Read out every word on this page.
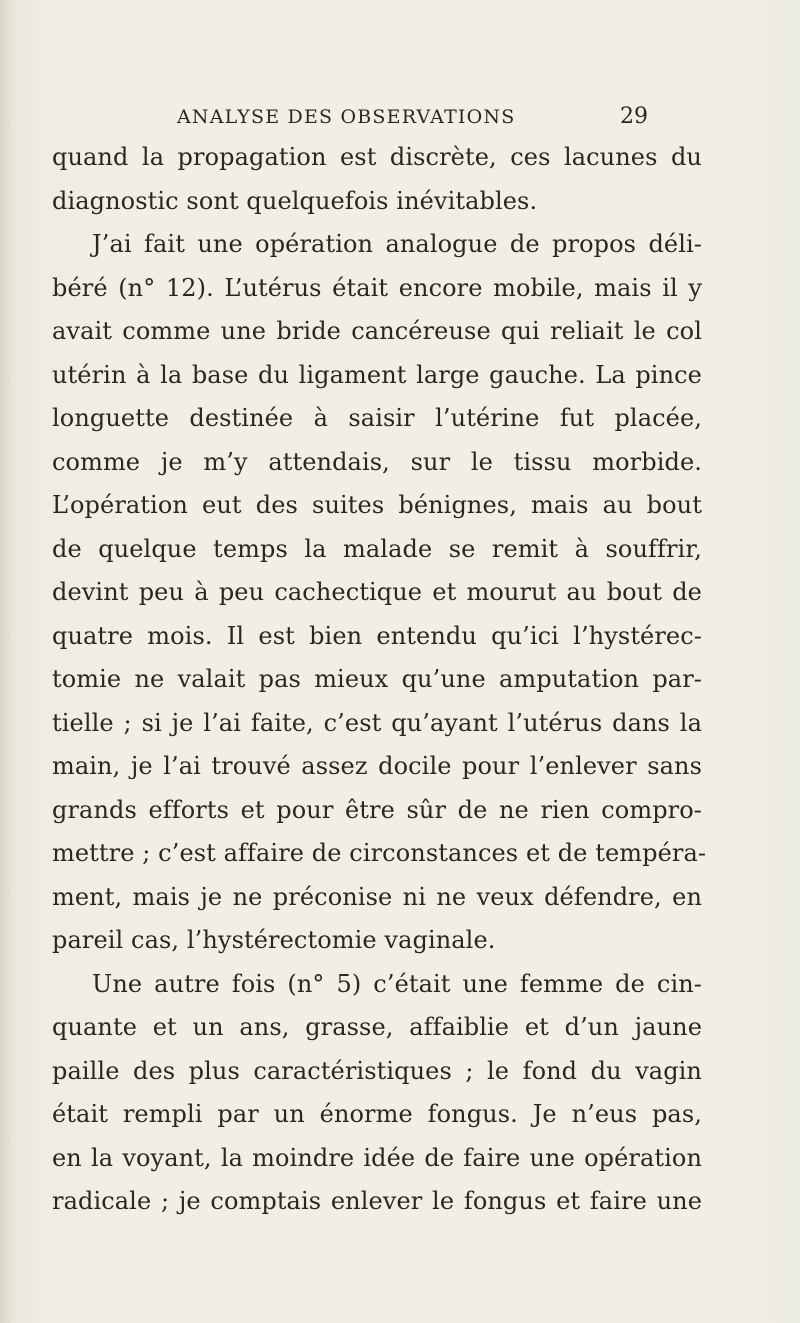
ANALYSE DES OBSERVATIONS	29
quand la propagation est discrète, ces lacunes du
diagnostic sont quelquefois inévitables.
J’ai fait une opération analogue de propos déli-
béré (n° 12). L’utérus était encore mobile, mais il y
avait comme une bride cancéreuse qui reliait le col
utérin à la base du ligament large gauche. La pince
longuette destinée à saisir l’utérine fut placée,
comme je m’y attendais, sur le tissu morbide.
L’opération eut des suites bénignes, mais au bout
de quelque temps la malade se remit à souffrir,
devint peu à peu cachectique et mourut au bout de
quatre mois. Il est bien entendu qu’ici l’hystérec-
tomie ne valait pas mieux qu’une amputation par-
tielle ; si je l’ai faite, c’est qu’ayant l’utérus dans la
main, je l’ai trouvé assez docile pour l’enlever sans
grands efforts et pour être sûr de ne rien compro-
mettre ; c’est affaire de circonstances et de tempéra-
ment, mais je ne préconise ni ne veux défendre, en
pareil cas, l’hystérectomie vaginale.
Une autre fois (n° 5) c’était une femme de cin-
quante et un ans, grasse, affaiblie et d’un jaune
paille des plus caractéristiques ; le fond du vagin
était rempli par un énorme fongus. Je n’eus pas,
en la voyant, la moindre idée de faire une opération
radicale ; je comptais enlever le fongus et faire une
